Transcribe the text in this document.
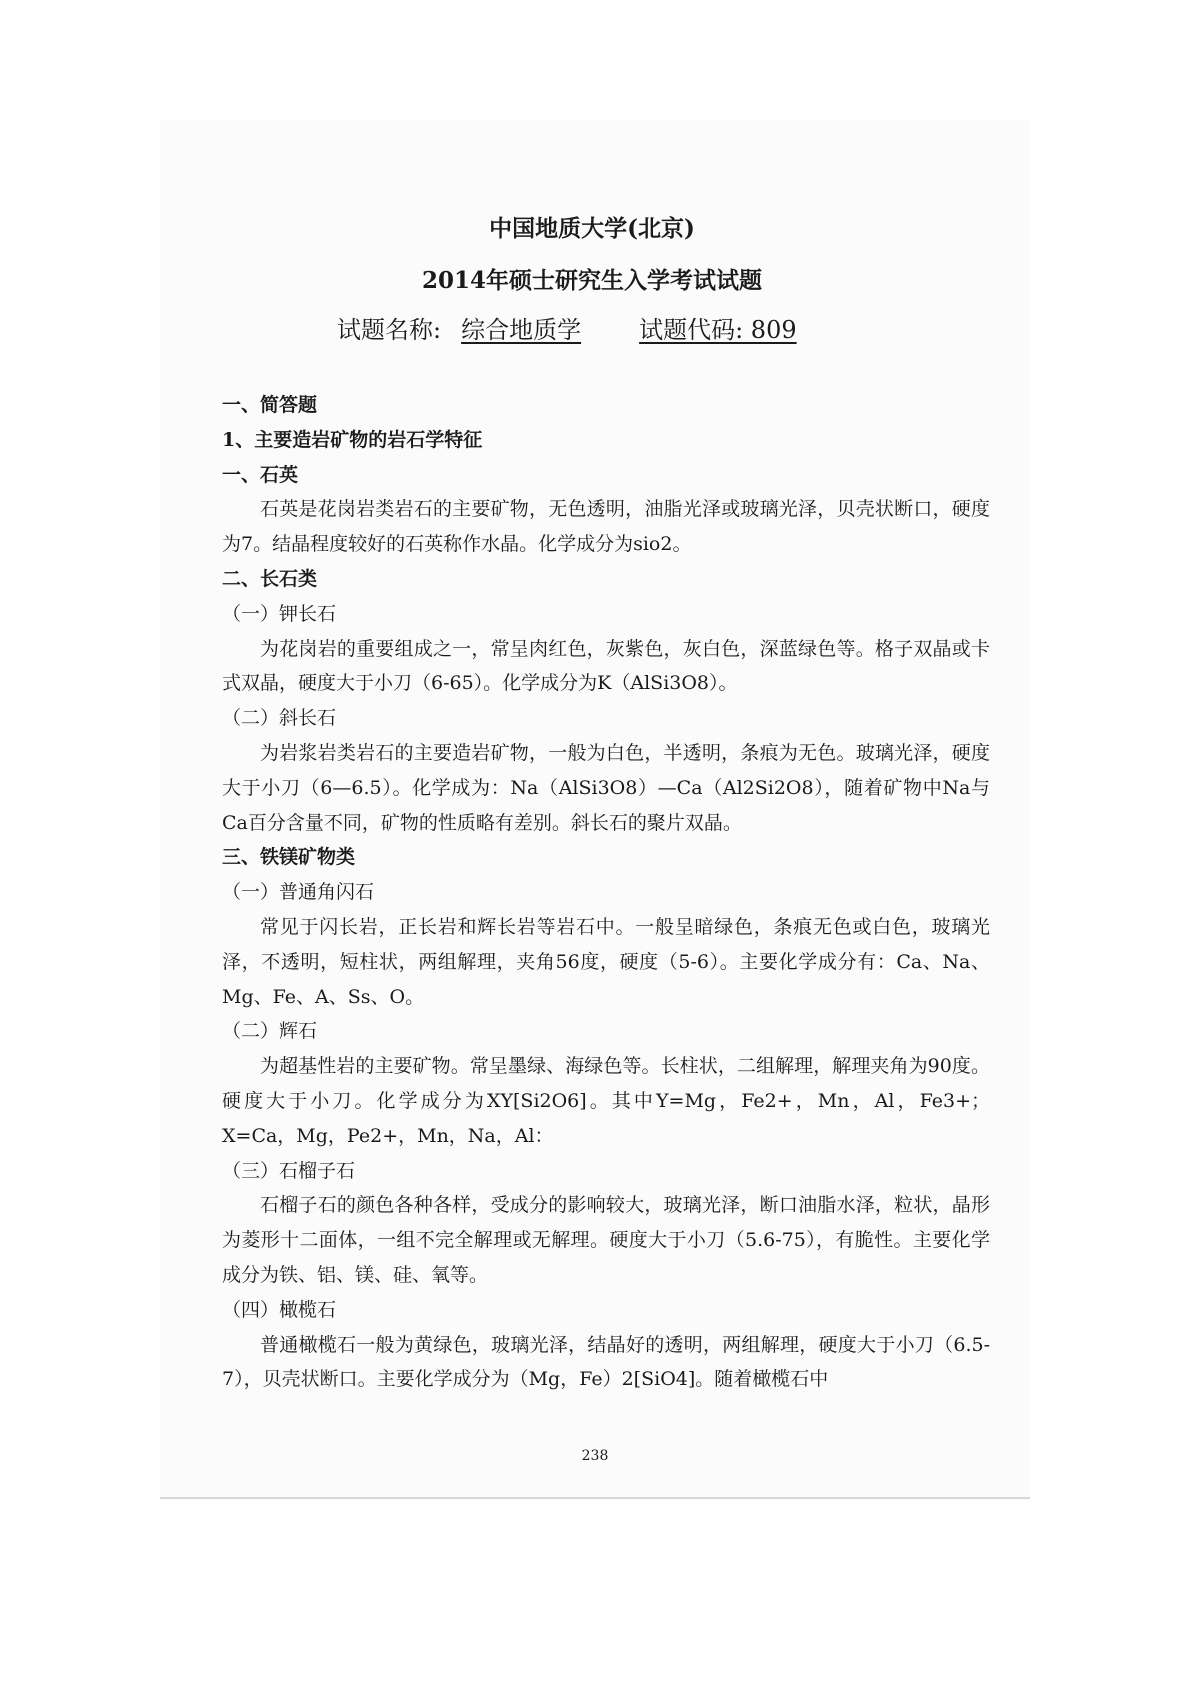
中国地质大学(北京)
2014年硕士研究生入学考试试题
试题名称: 综合地质学 试题代码: 809
一、简答题
1、主要造岩矿物的岩石学特征
一、石英
石英是花岗岩类岩石的主要矿物，无色透明，油脂光泽或玻璃光泽，贝壳状断口，硬度为7。结晶程度较好的石英称作水晶。化学成分为sio2。
二、长石类
（一）钾长石
为花岗岩的重要组成之一，常呈肉红色，灰紫色，灰白色，深蓝绿色等。格子双晶或卡式双晶，硬度大于小刀（6-65）。化学成分为K（AlSi3O8）。
（二）斜长石
为岩浆岩类岩石的主要造岩矿物，一般为白色，半透明，条痕为无色。玻璃光泽，硬度大于小刀（6—6.5）。化学成为：Na（AlSi3O8）—Ca（Al2Si2O8），随着矿物中Na与Ca百分含量不同，矿物的性质略有差别。斜长石的聚片双晶。
三、铁镁矿物类
（一）普通角闪石
常见于闪长岩，正长岩和辉长岩等岩石中。一般呈暗绿色，条痕无色或白色，玻璃光泽，不透明，短柱状，两组解理，夹角56度，硬度（5-6）。主要化学成分有：Ca、Na、Mg、Fe、A、Ss、O。
（二）辉石
为超基性岩的主要矿物。常呈墨绿、海绿色等。长柱状，二组解理，解理夹角为90度。硬度大于小刀。化学成分为XY[Si2O6]。其中Y=Mg，Fe2+，Mn，Al，Fe3+；X=Ca，Mg，Pe2+，Mn，Na，Al：
（三）石榴子石
石榴子石的颜色各种各样，受成分的影响较大，玻璃光泽，断口油脂水泽，粒状，晶形为菱形十二面体，一组不完全解理或无解理。硬度大于小刀（5.6-75），有脆性。主要化学成分为铁、铝、镁、硅、氧等。
（四）橄榄石
普通橄榄石一般为黄绿色，玻璃光泽，结晶好的透明，两组解理，硬度大于小刀（6.5-7），贝壳状断口。主要化学成分为（Mg，Fe）2[SiO4]。随着橄榄石中
238
